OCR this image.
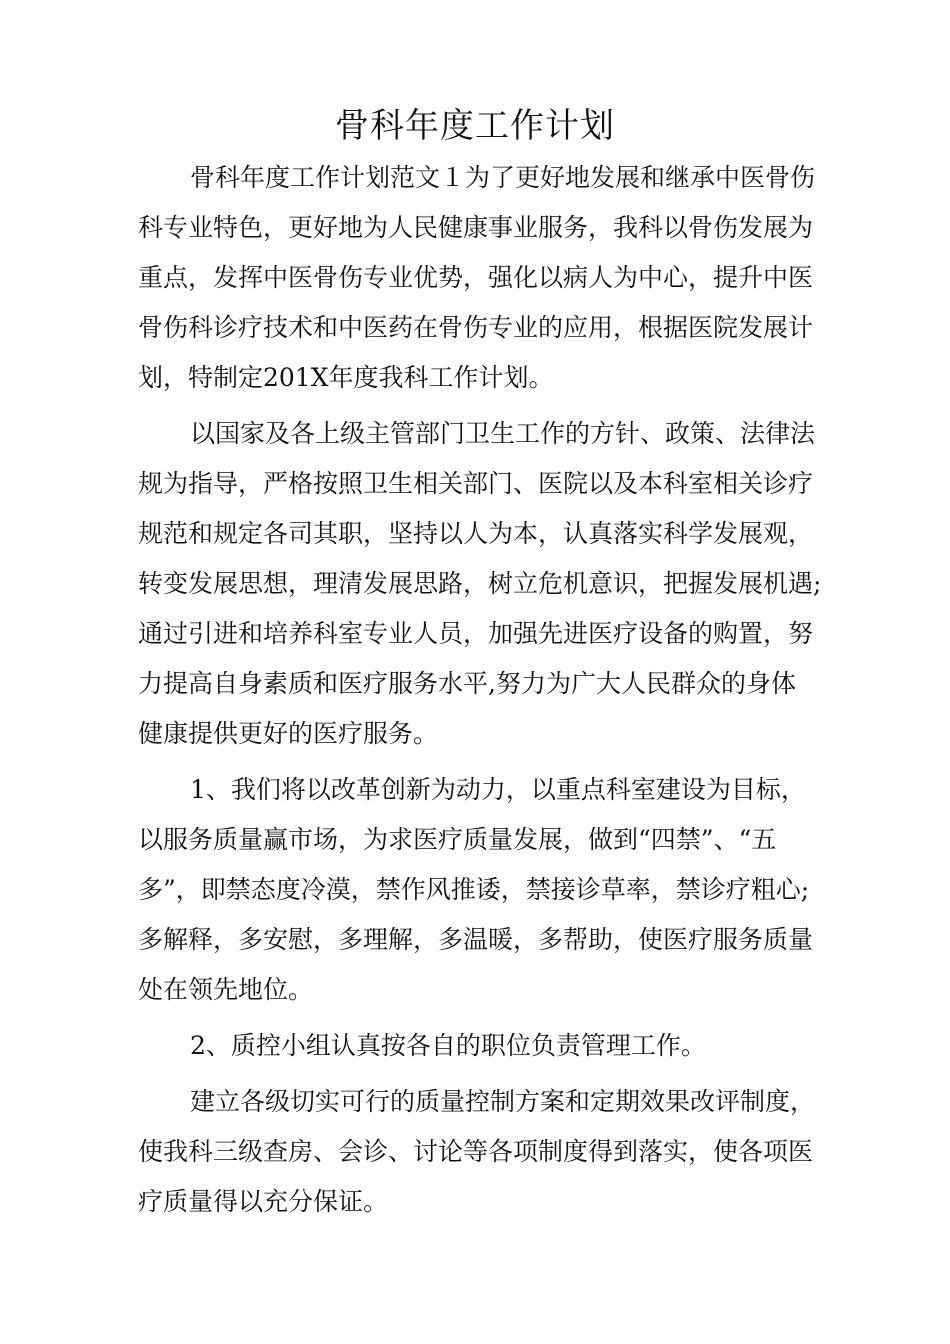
骨科年度工作计划
骨科年度工作计划范文１为了更好地发展和继承中医骨伤
科专业特色，更好地为人民健康事业服务，我科以骨伤发展为
重点，发挥中医骨伤专业优势，强化以病人为中心，提升中医
骨伤科诊疗技术和中医药在骨伤专业的应用，根据医院发展计
划，特制定201X年度我科工作计划。
以国家及各上级主管部门卫生工作的方针、政策、法律法
规为指导，严格按照卫生相关部门、医院以及本科室相关诊疗
规范和规定各司其职，坚持以人为本，认真落实科学发展观，
转变发展思想，理清发展思路，树立危机意识，把握发展机遇;
通过引进和培养科室专业人员，加强先进医疗设备的购置，努
力提高自身素质和医疗服务水平,努力为广大人民群众的身体
健康提供更好的医疗服务。
1、我们将以改革创新为动力，以重点科室建设为目标，
以服务质量赢市场，为求医疗质量发展，做到“四禁”、“五
多”，即禁态度冷漠，禁作风推诿，禁接诊草率，禁诊疗粗心;
多解释，多安慰，多理解，多温暖，多帮助，使医疗服务质量
处在领先地位。
2、质控小组认真按各自的职位负责管理工作。
建立各级切实可行的质量控制方案和定期效果改评制度，
使我科三级查房、会诊、讨论等各项制度得到落实，使各项医
疗质量得以充分保证。
